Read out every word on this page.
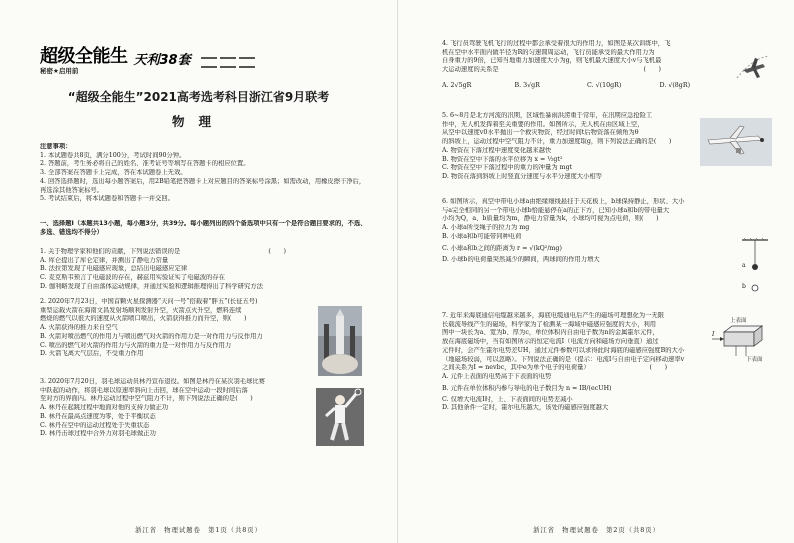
超级全能生 天利38套
秘密★启用前
“超级全能生”2021高考选考科目浙江省9月联考
物理

注意事项：

1. 本试题卷共8页，满分100分，考试时间90分钟。

2. 答题前，考生务必将自己的姓名、准考证号等填写在答题卡的相应位置。

3. 全部答案在答题卡上完成，答在本试题卷上无效。

4. 回答选择题时，选出每小题答案后，用2B铅笔把答题卡上对应题目的答案标号涂黑；如需改动，用橡皮擦干净后，再选涂其他答案标号。

5. 考试结束后，将本试题卷和答题卡一并交回。

一、选择题Ⅰ（本题共13小题，每小题3分，共39分。每小题列出的四个备选项中只有一个是符合题目要求的，不选、多选、错选均不得分）

1. 关于物理学家和他们的贡献，下列说法错误的是　　　　　　　　　　　　　　(　　)

A. 库仑提出了库仑定律，并测出了静电力常量

B. 法拉第发现了电磁感应现象，总结出电磁感应定律

C. 麦克斯韦预言了电磁波的存在，赫兹用实验证实了电磁波的存在

D. 伽利略发现了自由落体运动规律，并通过实验和逻辑推理得出了科学研究方法

2. 2020年7月23日，中国首颗火星探测器“天问一号”搭载着“胖五”(长征五号)

重型运载火箭在海南文昌发射场顺利发射升空，火箭点火升空，燃料连续

燃烧的燃气以很大的速度从火箭喷口喷出，火箭获得推力而升空，则(　　)

A. 火箭获得的推力来自空气

B. 火箭对喷出燃气的作用力与喷出燃气对火箭的作用力是一对作用力与反作用力

C. 喷出的燃气对火箭的作用力与火箭的重力是一对作用力与反作用力

D. 火箭飞离大气层后，不受重力作用

3. 2020年7月20日，羽毛球运动员林丹宣布退役。如图是林丹在某次羽毛球比赛

中跃起的动作，将羽毛球以原速率斜向上击回，球在空中运动一段时间后落

至对方的界面内。林丹运动过程中空气阻力不计，则下列说法正确的是(　　)

A. 林丹在起跳过程中地面对他的支持力做正功

B. 林丹在最高点速度为零，处于平衡状态

C. 林丹在空中的运动过程处于失重状态

D. 林丹击球过程中合外力对羽毛球做正功

浙江省　物理试题卷　第1页（共8页）

4. 飞行员驾驶飞机飞行的过程中都会承受着很大的作用力，如图是某次训练中，飞

机在空中水平面内做半径为R的匀速圆周运动，飞行员能承受的最大作用力为

自身重力的9倍，已知当地重力加速度大小为g，则飞机最大速度大小v与飞机最

大运动速度的关系是　　　　　　　　　　　　　　　　　　　　　　　(　　)

A. 2√5gR	B. 3√gR	C. √(10gR)	D. √(8gR)

5. 6~8月是北方河流的汛期，区域性暴雨洪涝重于常年，在汛期应急抢险工

作中，无人机发挥着至关重要的作用。如图所示，无人机在由区域上空，

从空中以速度v0水平抛出一个救灾物资，经过时间t后物资落在倾角为θ

的斜坡上，运动过程中空气阻力不计，重力加速度取g，则下列说法正确的是(　　)

A. 物资在下落过程中速度变化越来越快

B. 物资在空中下落的水平位移为 x = ½gt²

C. 物资在空中下落过程中的重力的冲量为 mgt

D. 物资在落到斜坡上时竖直分速度与水平分速度大小相等

6. 如图所示，真空中带电小球a由绝缘细线悬挂于天花板上，b球保持静止，形状、大小

与a完全相同的另一个带电小球b恰能悬停在a的正下方，已知小球a和b的带电量大

小均为Q，a、b质量均为m，静电力常量为k，小球均可视为点电荷，则(　　)

A. 小球a所受绳子的拉力为 mg

B. 小球a和b可能带同种电荷

C. 小球a和b之间的距离为 r = √(kQ²/mg)

D. 小球b的电荷量突然减少的瞬间，两球间的作用力增大

a
b

7. 近年来海底通信电缆越来越多，海底电缆通电后产生的磁场可理想化为一无限

长载流导线产生的磁场，科学家为了检测某一海域中磁感应强度的大小，利用

图中一块长为a、宽为b、厚为c，单位体积内自由电子数为n的金属霍尔元件，

放在海底磁场中，当有如图所示的恒定电流I（电流方向和磁场方向垂直）通过

元件时，会产生霍尔电势差UH，通过元件参数可以求得此时海底的磁感应强度B的大小

（地磁场较弱，可以忽略）。下列说法正确的是（提示：电流I与自由电子定向移动速率v

之间关系为I = nevbc，其中e为单个电子的电荷量）　　　　　　　　　　(　　)

A. 元件上表面的电势高于下表面的电势

B. 元件在单位体积内参与导电的电子数目为 n = IB/(ecUH)

C. 仅增大电流I时，上、下表面间的电势差减小

D. 其他条件一定时，霍尔电压越大，该处的磁感应强度越大

上表面
下表面
I
浙江省　物理试题卷　第2页（共8页）
